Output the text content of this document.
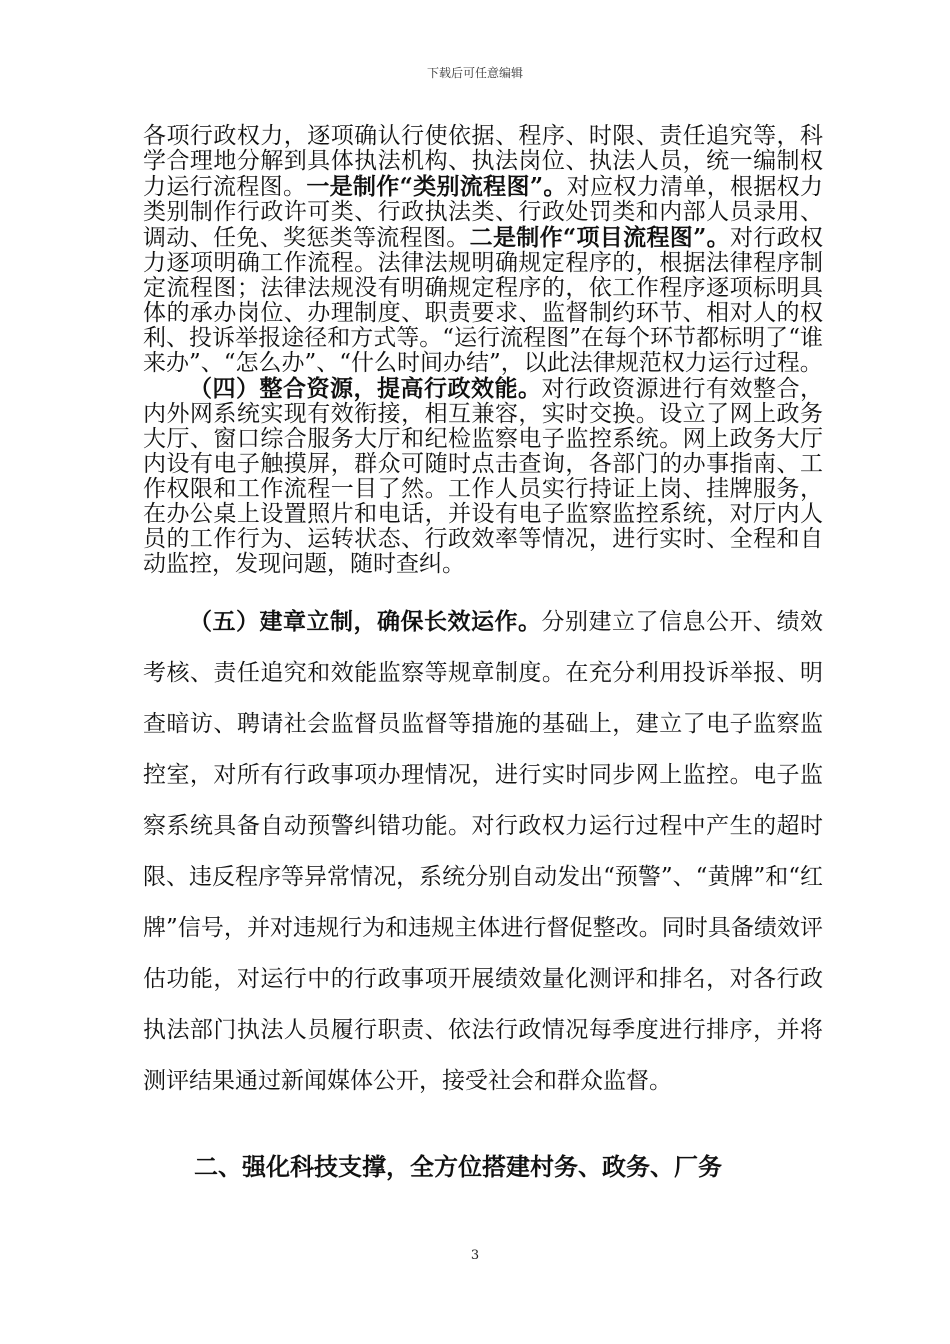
下载后可任意编辑

各项行政权力，逐项确认行使依据、程序、时限、责任追究等，科学合理地分解到具体执法机构、执法岗位、执法人员，统一编制权力运行流程图。一是制作“类别流程图”。对应权力清单，根据权力类别制作行政许可类、行政执法类、行政处罚类和内部人员录用、调动、任免、奖惩类等流程图。二是制作“项目流程图”。对行政权力逐项明确工作流程。法律法规明确规定程序的，根据法律程序制定流程图；法律法规没有明确规定程序的，依工作程序逐项标明具体的承办岗位、办理制度、职责要求、监督制约环节、相对人的权利、投诉举报途径和方式等。“运行流程图”在每个环节都标明了“谁来办”、“怎么办”、“什么时间办结”，以此法律规范权力运行过程。

（四）整合资源，提高行政效能。对行政资源进行有效整合，内外网系统实现有效衔接，相互兼容，实时交换。设立了网上政务大厅、窗口综合服务大厅和纪检监察电子监控系统。网上政务大厅内设有电子触摸屏，群众可随时点击查询，各部门的办事指南、工作权限和工作流程一目了然。工作人员实行持证上岗、挂牌服务，在办公桌上设置照片和电话，并设有电子监察监控系统，对厅内人员的工作行为、运转状态、行政效率等情况，进行实时、全程和自动监控，发现问题，随时查纠。

（五）建章立制，确保长效运作。分别建立了信息公开、绩效考核、责任追究和效能监察等规章制度。在充分利用投诉举报、明查暗访、聘请社会监督员监督等措施的基础上，建立了电子监察监控室，对所有行政事项办理情况，进行实时同步网上监控。电子监察系统具备自动预警纠错功能。对行政权力运行过程中产生的超时限、违反程序等异常情况，系统分别自动发出“预警”、“黄牌”和“红牌”信号，并对违规行为和违规主体进行督促整改。同时具备绩效评估功能，对运行中的行政事项开展绩效量化测评和排名，对各行政执法部门执法人员履行职责、依法行政情况每季度进行排序，并将测评结果通过新闻媒体公开，接受社会和群众监督。

二、强化科技支撑，全方位搭建村务、政务、厂务
3
